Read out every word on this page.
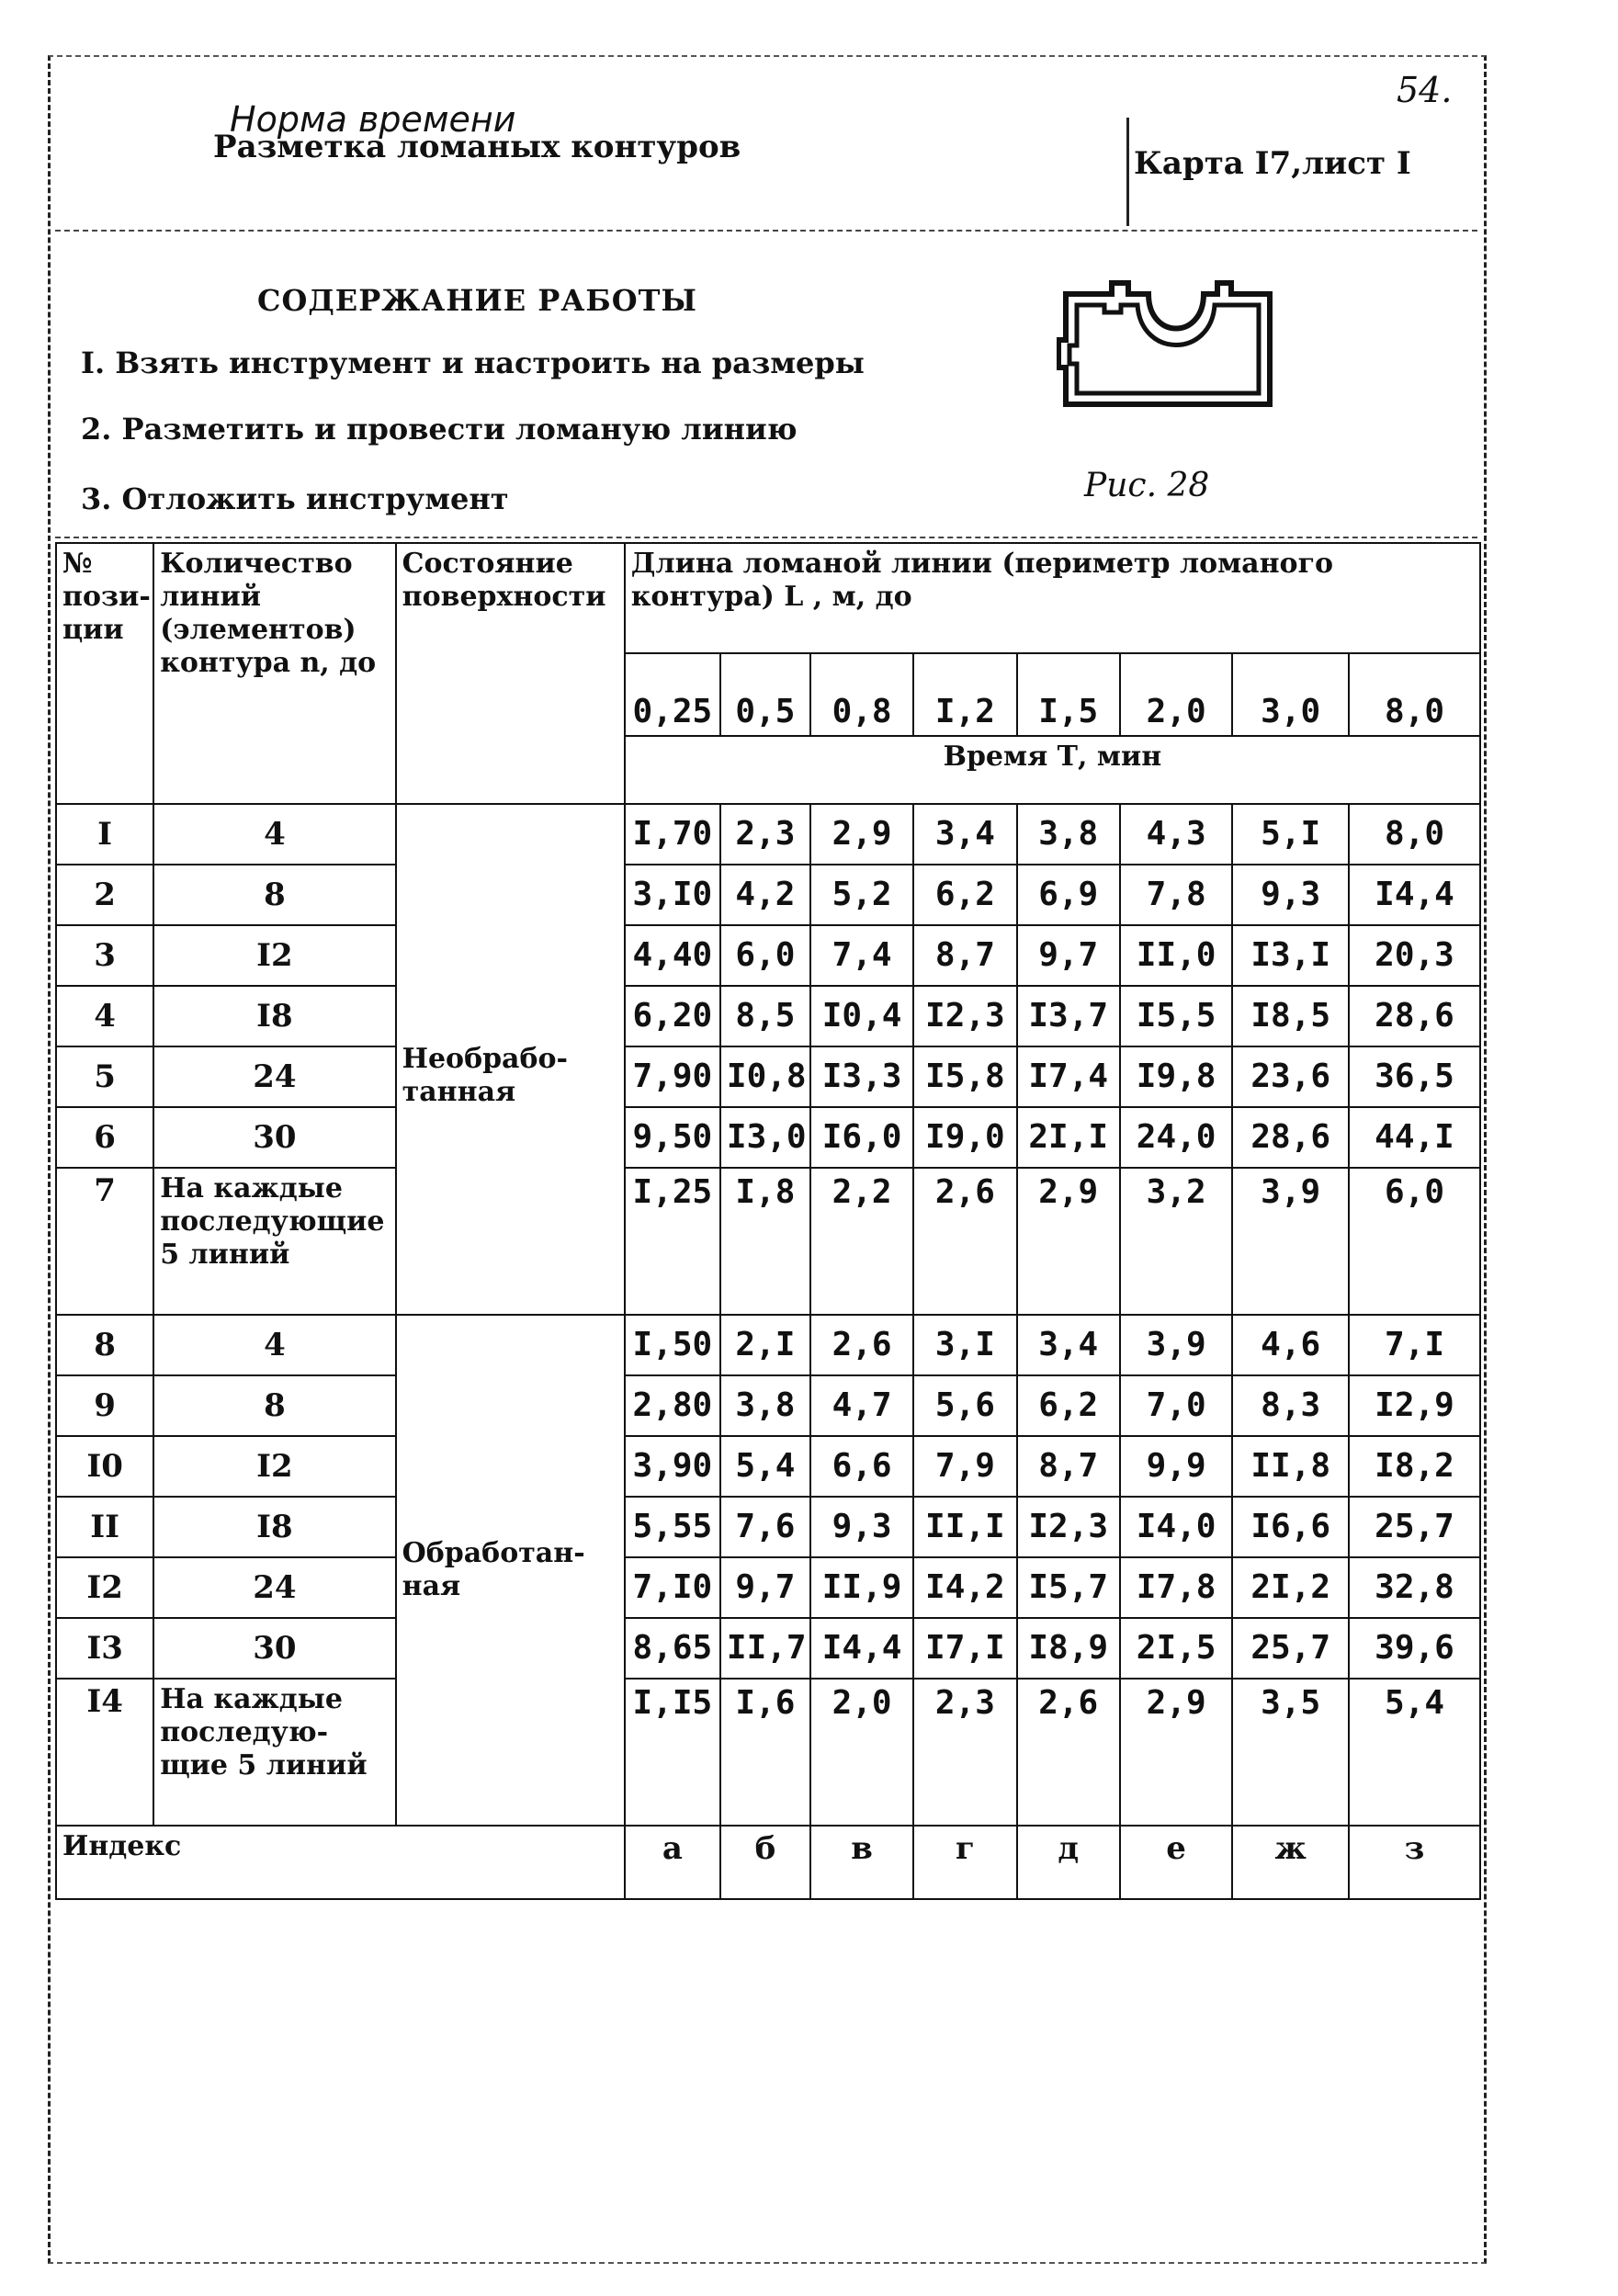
54.
Норма времени
Разметка ломаных контуров	Карта I7,лист I
СОДЕРЖАНИЕ РАБОТЫ
I. Взять инструмент и настроить на размеры
2. Разметить и провести ломаную линию
3. Отложить инструмент	Рис. 28
№ пози-ции	Количество линий (элементов) контура n, до	Состояние поверхности	Длина ломаной линии (периметр ломаного контура) L , м, до							
			0,25	0,5	0,8	I,2	I,5	2,0	3,0	8,0
			Время Т, мин							
I	4	Необрабо-танная	I,70	2,3	2,9	3,4	3,8	4,3	5,I	8,0
2	8		3,I0	4,2	5,2	6,2	6,9	7,8	9,3	I4,4
3	I2		4,40	6,0	7,4	8,7	9,7	II,0	I3,I	20,3
4	I8		6,20	8,5	I0,4	I2,3	I3,7	I5,5	I8,5	28,6
5	24		7,90	I0,8	I3,3	I5,8	I7,4	I9,8	23,6	36,5
6	30		9,50	I3,0	I6,0	I9,0	2I,I	24,0	28,6	44,I
7	На каждые последующие 5 линий		I,25	I,8	2,2	2,6	2,9	3,2	3,9	6,0
8	4	Обработан-ная	I,50	2,I	2,6	3,I	3,4	3,9	4,6	7,I
9	8		2,80	3,8	4,7	5,6	6,2	7,0	8,3	I2,9
I0	I2		3,90	5,4	6,6	7,9	8,7	9,9	II,8	I8,2
II	I8		5,55	7,6	9,3	II,I	I2,3	I4,0	I6,6	25,7
I2	24		7,I0	9,7	II,9	I4,2	I5,7	I7,8	2I,2	32,8
I3	30		8,65	II,7	I4,4	I7,I	I8,9	2I,5	25,7	39,6
I4	На каждые последую-щие 5 линий		I,I5	I,6	2,0	2,3	2,6	2,9	3,5	5,4
Индекс			а	б	в	г	д	е	ж	з
